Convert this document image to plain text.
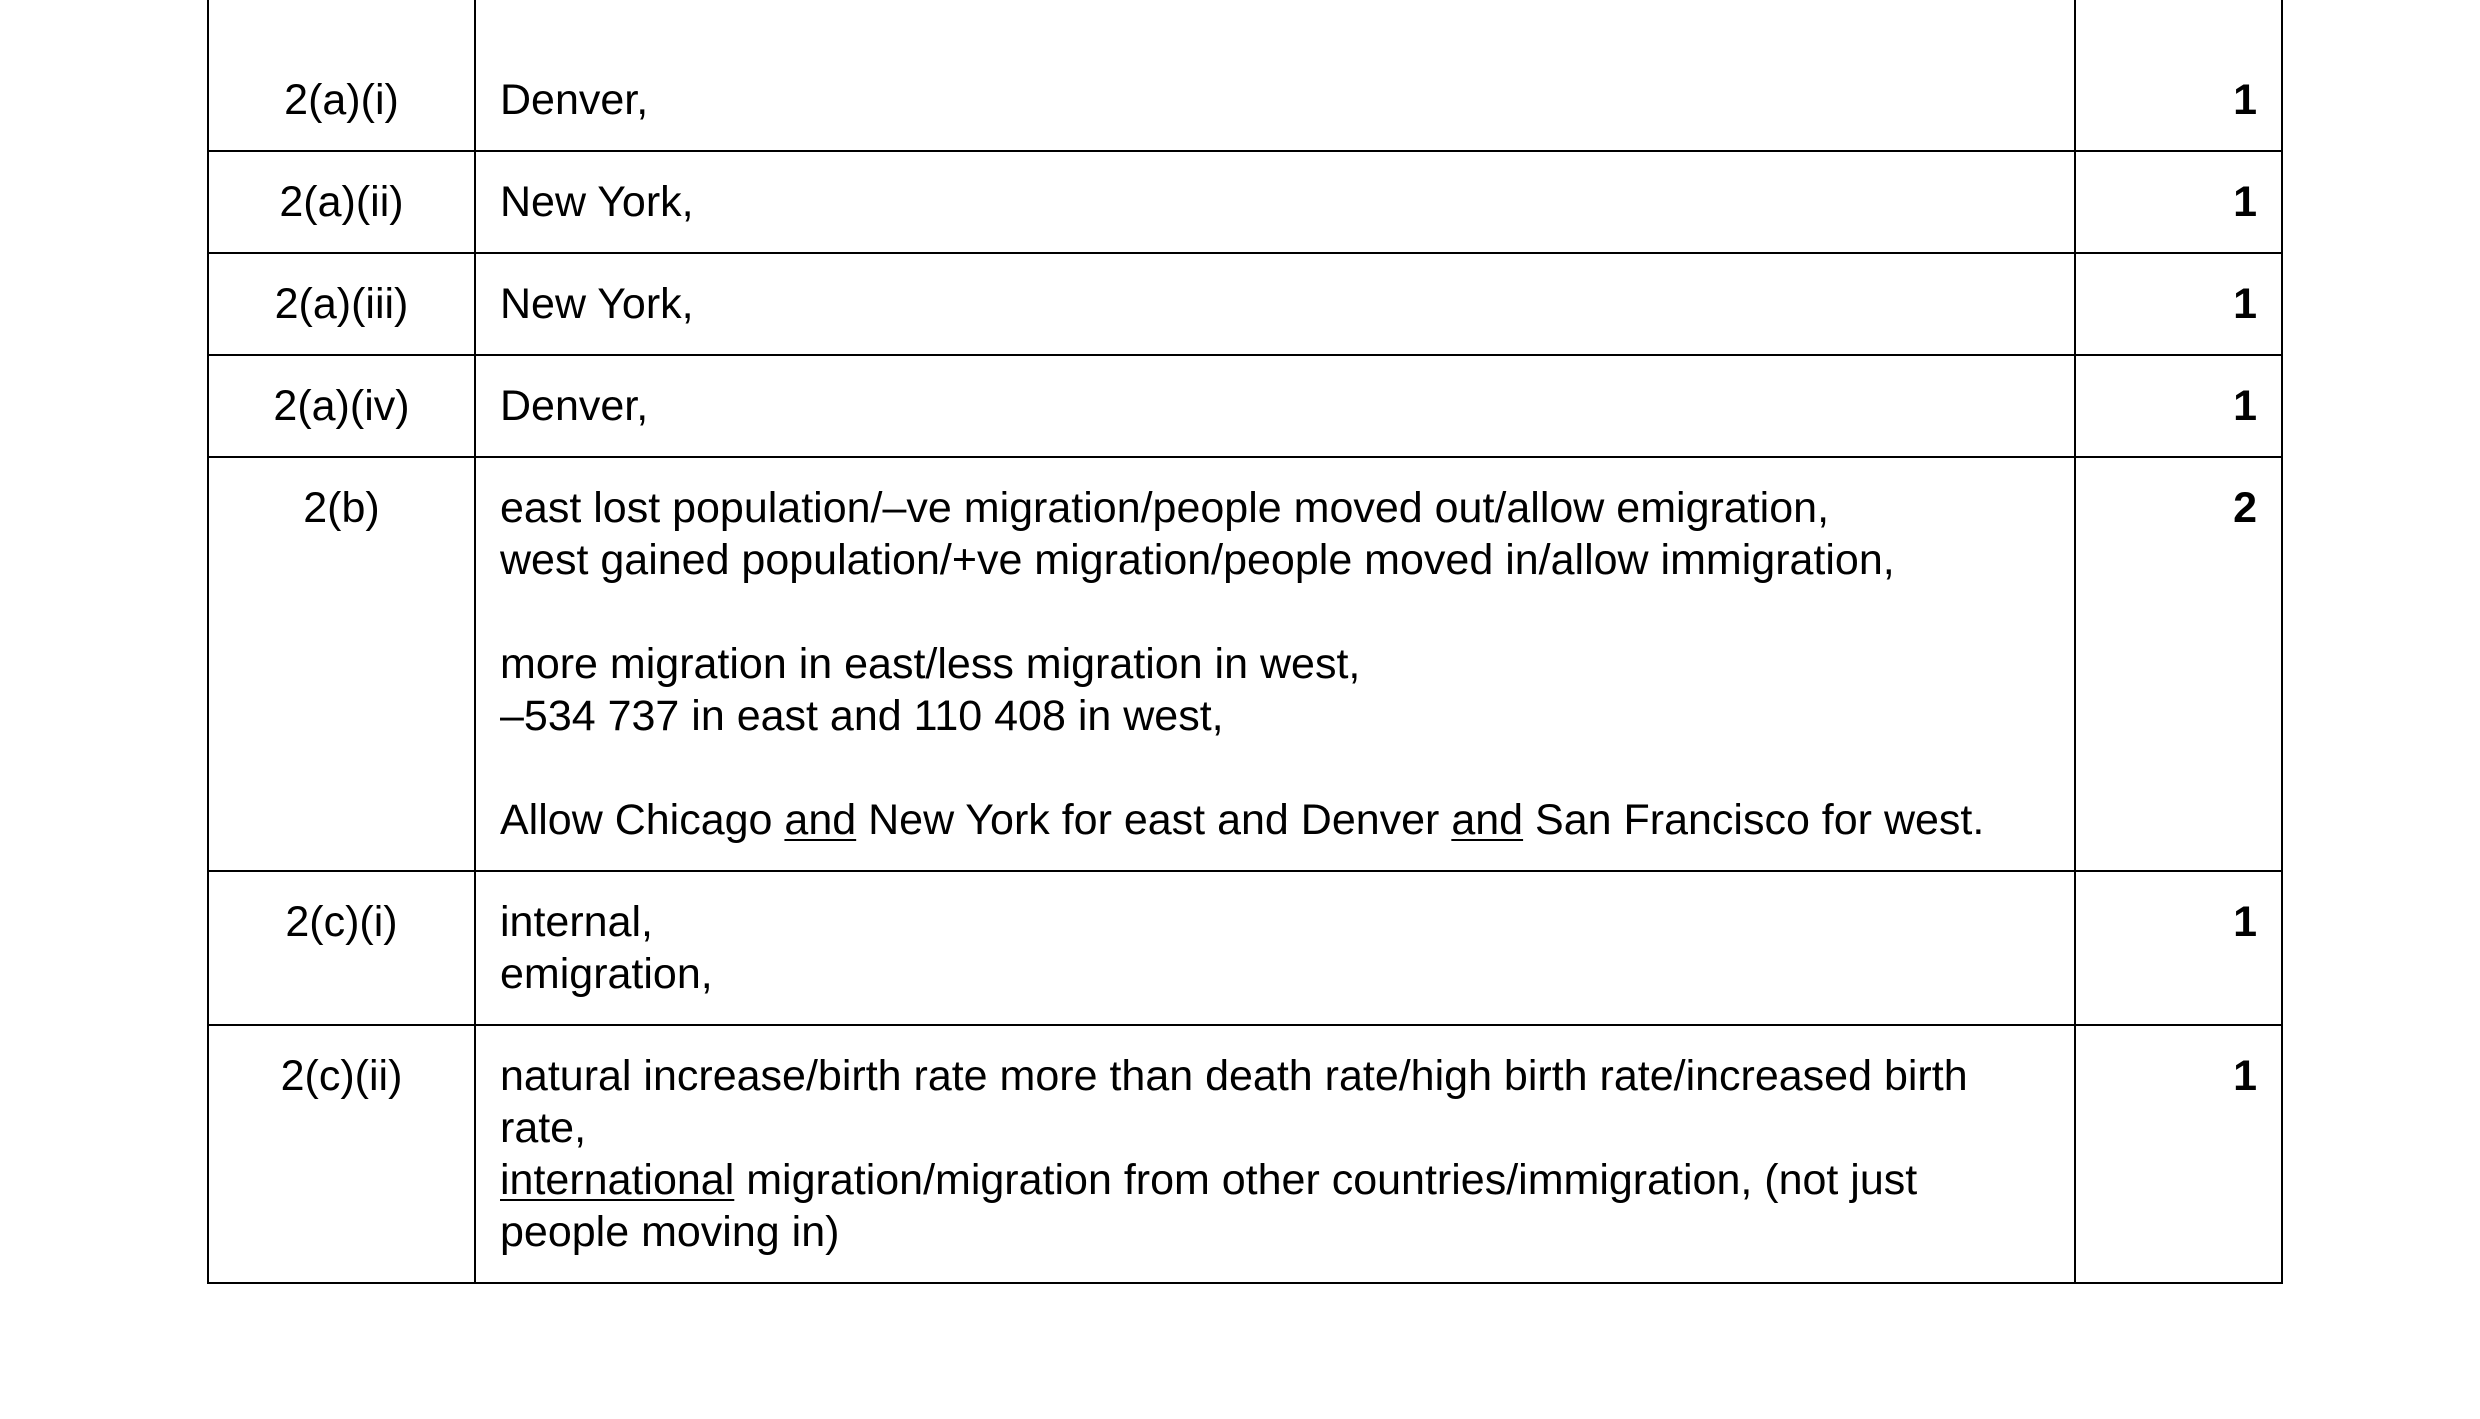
2(a)(i)	Denver,	1
2(a)(ii)	New York,	1
2(a)(iii)	New York,	1
2(a)(iv)	Denver,	1
2(b)	east lost population/–ve migration/people moved out/allow emigration,

west gained population/+ve migration/people moved in/allow immigration,

more migration in east/less migration in west,

–534 737 in east and 110 408 in west,

Allow Chicago and New York for east and Denver and San Francisco for west.	2
2(c)(i)	internal,

emigration,	1
2(c)(ii)	natural increase/birth rate more than death rate/high birth rate/increased birth rate,

international migration/migration from other countries/immigration, (not just people moving in)	1
